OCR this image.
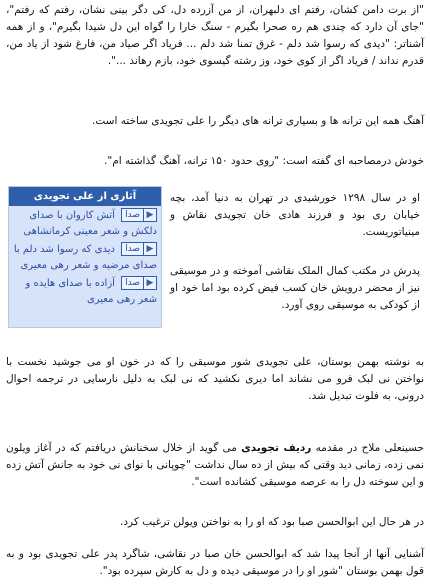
"از برت دامن کشان، رفتم ای دلبهران، از من آزرده دل، کی دگر بینی نشان، رفتم که رفتم"، "جای آن دارد که چندی هم ره صحرا بگیرم - سنگ خارا را گواه این دل شیدا بگیرم"، و از همه آشناتر: "دیدی که رسوا شد دلم - غرق تمنا شد دلم ... فریاد اگر صیاد من، فارغ شود از یاد من، قدرم نداند / فریاد اگر از کوی خود، وز رشته گیسوی خود، بازم رهاند ...".

آهنگ همه این ترانه ها و بسیاری ترانه های دیگر را علی تجویدی ساخته است.

خودش درمصاحبه ای گفته است: "روی حدود ۱۵۰ ترانه، آهنگ گذاشته ام".

او در سال ۱۲۹۸ خورشیدی در تهران به دنیا آمد، بچه خیابان ری بود و فرزند هادی خان تجویدی نقاش و مینیاتوریست.

پدرش در مکتب کمال الملک نقاشی آموخته و در موسیقی نیز از محضر درویش خان کسب فیض کرده بود اما خود او از کودکی به موسیقی روی آورد.

به نوشته بهمن بوستان، علی تجویدی شور موسیقی را که در خون او می جوشید نخست با نواختن نی لبک فرو می نشاند اما دیری نکشید که نی لبک به دلیل نارسایی در ترجمه احوال درونی، به فلوت تبدیل شد.

حسینعلی ملاح در مقدمه ردیف تجویدی می گوید از خلال سخنانش دریافتم که در آغاز ویلون نمی زده، زمانی دید وقتی که بیش از ده سال نداشت "چوپانی با نوای نی خود به جانش آتش زده و این سوخته دل را به عرصه موسیقی کشانده است".

در هر حال این ابوالحسن صبا بود که او را به نواختن ویولن ترغیب کرد.

آشنایی آنها از آنجا پیدا شد که ابوالحسن خان صبا در نقاشی، شاگرد پدر علی تجویدی بود و به قول بهمن بوستان "شور او را در موسیقی دیده و دل به کارش سپرده بود".

آثاری از علی تجویدی
صدا ▶ آتش کاروان با صدای دلکش و شعر معینی کرمانشاهی
صدا ▶ دیدی که رسوا شد دلم با صدای مرضیه و شعر رهی معیری
صدا ▶ آزاده با صدای هایده و شعر رهی معیری
